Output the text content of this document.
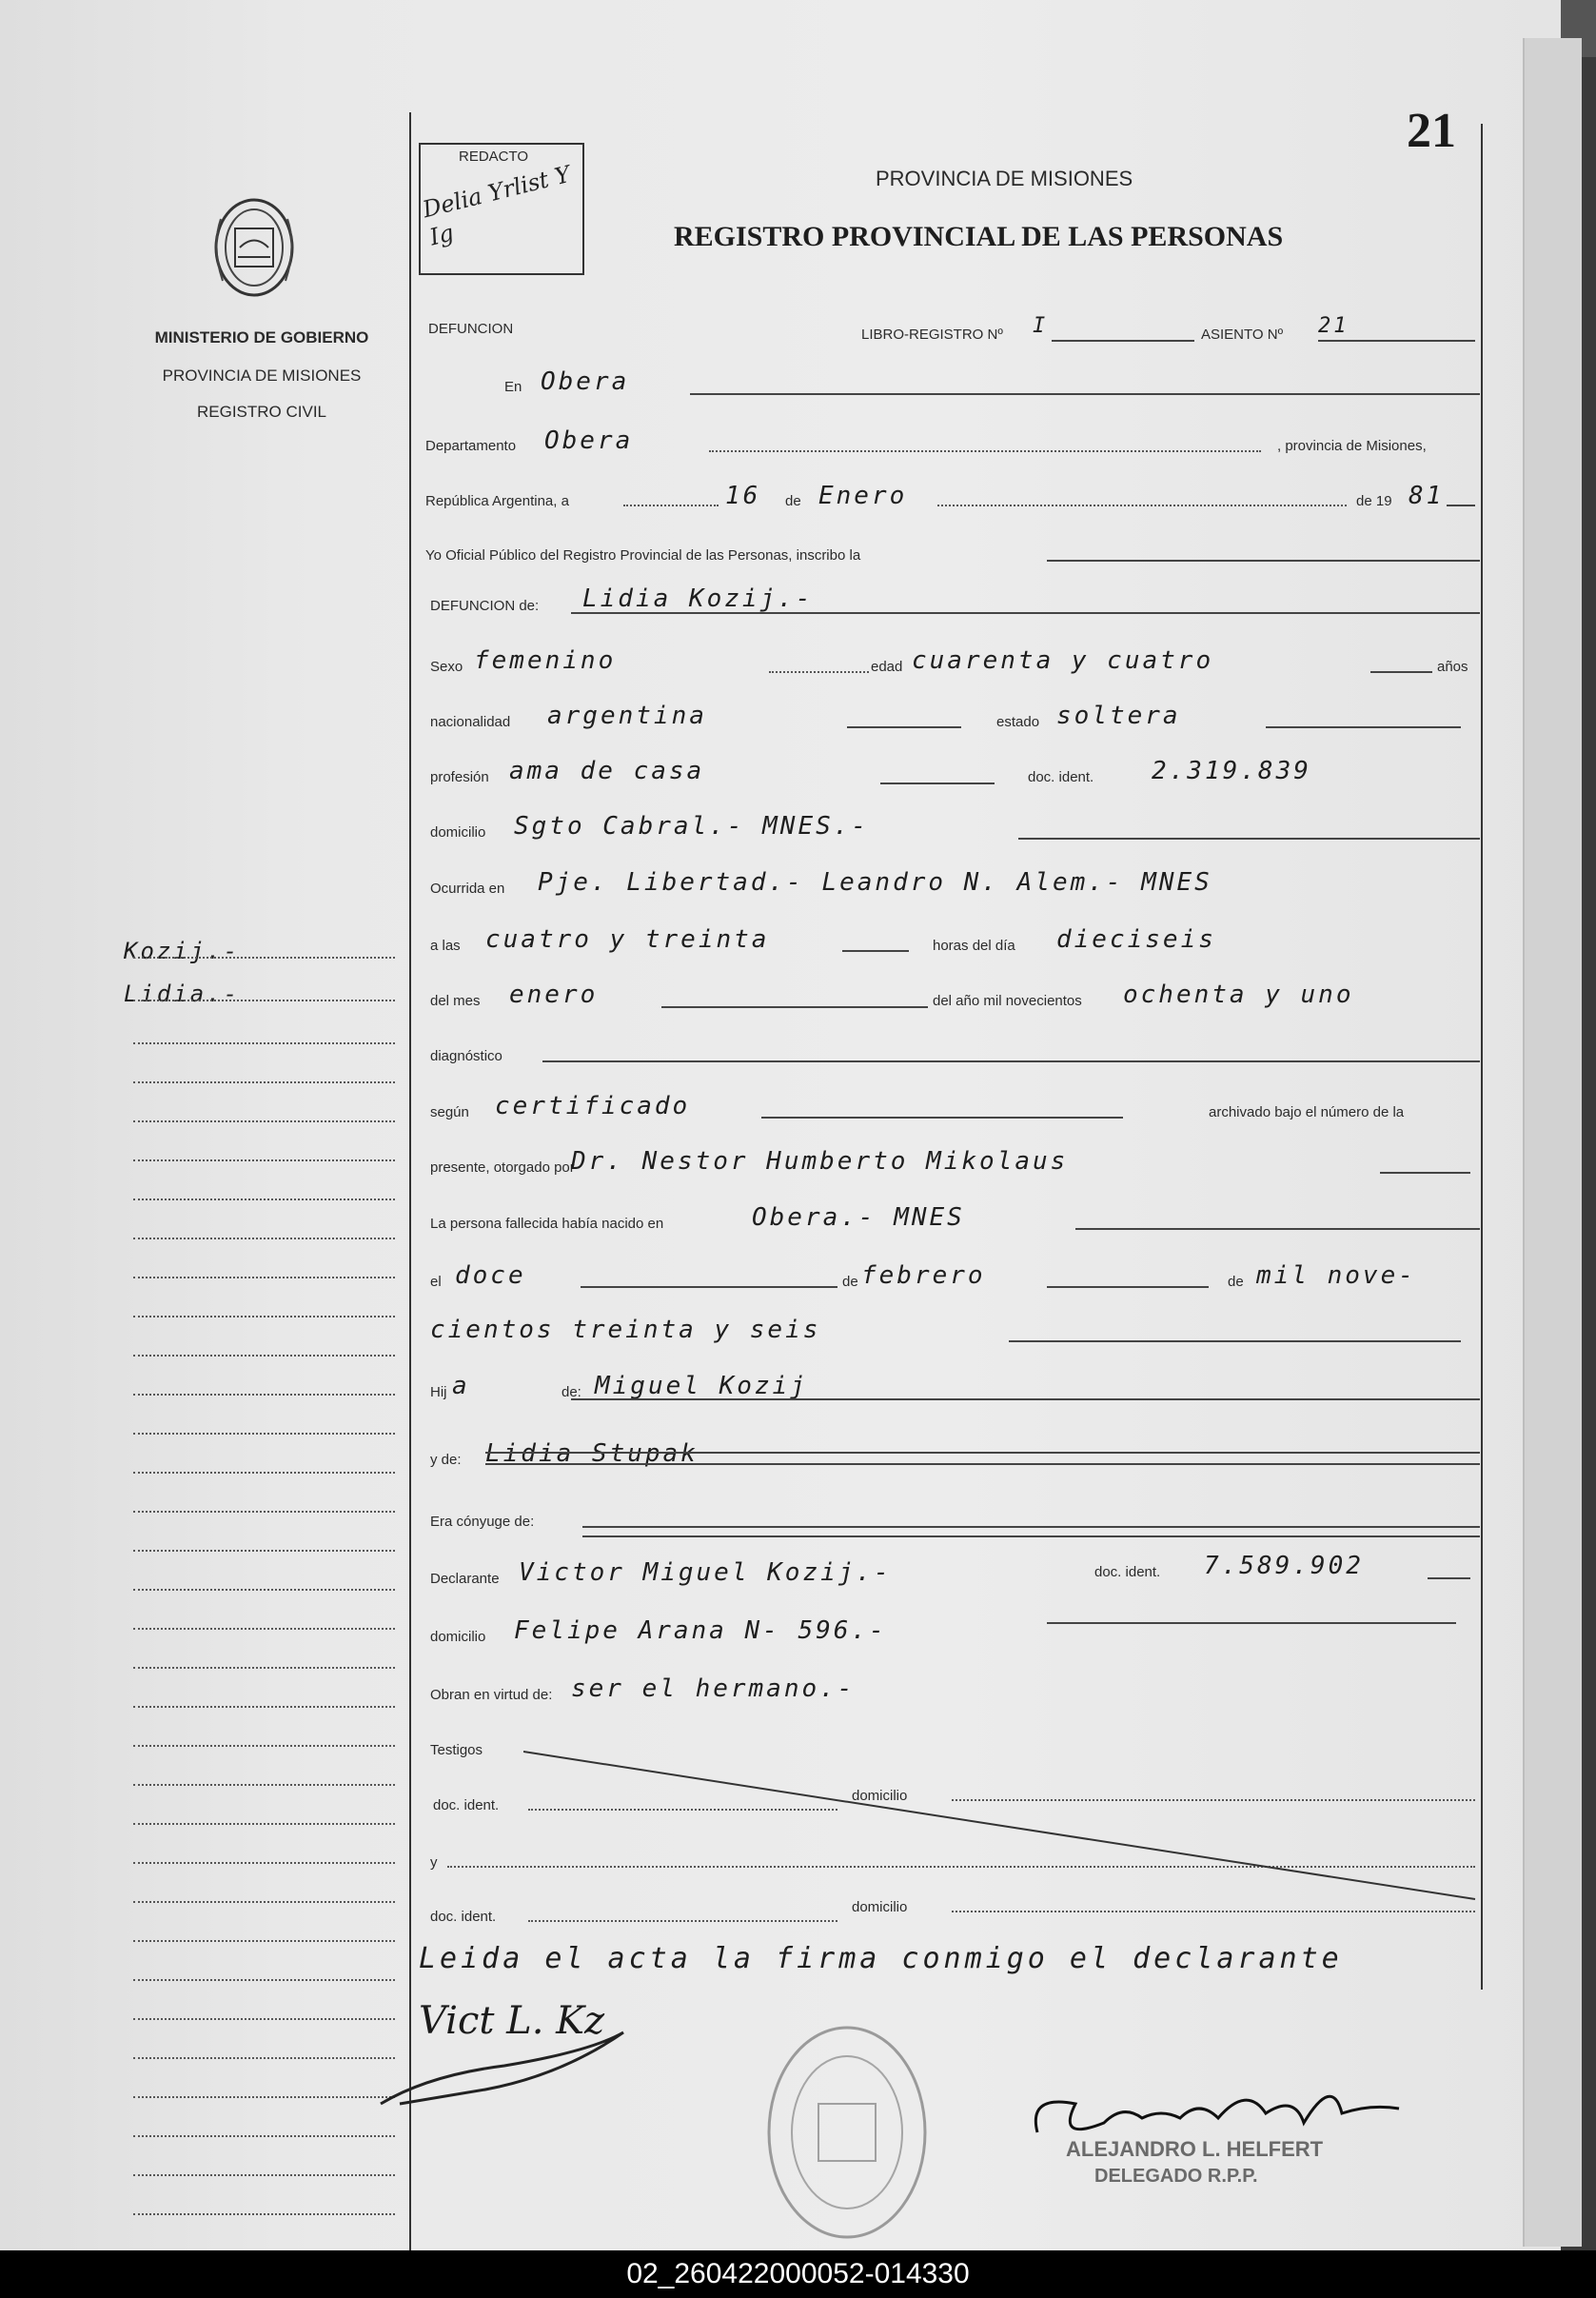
21
REDACTO
Delia Yrlist Y Ig
PROVINCIA DE MISIONES
REGISTRO PROVINCIAL DE LAS PERSONAS
MINISTERIO DE GOBIERNO
PROVINCIA DE MISIONES
REGISTRO CIVIL
Kozij.-
Lidia.-
DEFUNCION	LIBRO-REGISTRO Nº I	ASIENTO Nº 21
En Obera
Departamento Obera	, provincia de Misiones,
República Argentina, a	16 de Enero	de 19 81
Yo Oficial Público del Registro Provincial de las Personas, inscribo la
DEFUNCION de: Lidia Kozij.-
Sexo femenino	edad cuarenta y cuatro	años
nacionalidad argentina	estado soltera
profesión ama de casa	doc. ident. 2.319.839
domicilio Sgto Cabral.- MNES.-
Ocurrida en Pje. Libertad.- Leandro N. Alem.- MNES
a las cuatro y treinta	horas del día dieciseis
del mes enero	del año mil novecientos ochenta y uno
diagnóstico
según certificado	archivado bajo el número de la
presente, otorgado por
Dr. Nestor Humberto Mikolaus
La persona fallecida había nacido en	Obera.- MNES
el doce	de febrero	de mil nove-
cientos treinta y seis
Hij a	de: Miguel Kozij
y de: Lidia Stupak
Era cónyuge de:
Declarante Victor Miguel Kozij.-	doc. ident. 7.589.902
domicilio Felipe Arana N- 596.-
Obran en virtud de: ser el hermano.-
Testigos
doc. ident.
domicilio
y
doc. ident.
domicilio
Leida el acta la firma conmigo el declarante
Vict L. Kz
ALEJANDRO L. HELFERT
DELEGADO R.P.P.
02_260422000052-014330
